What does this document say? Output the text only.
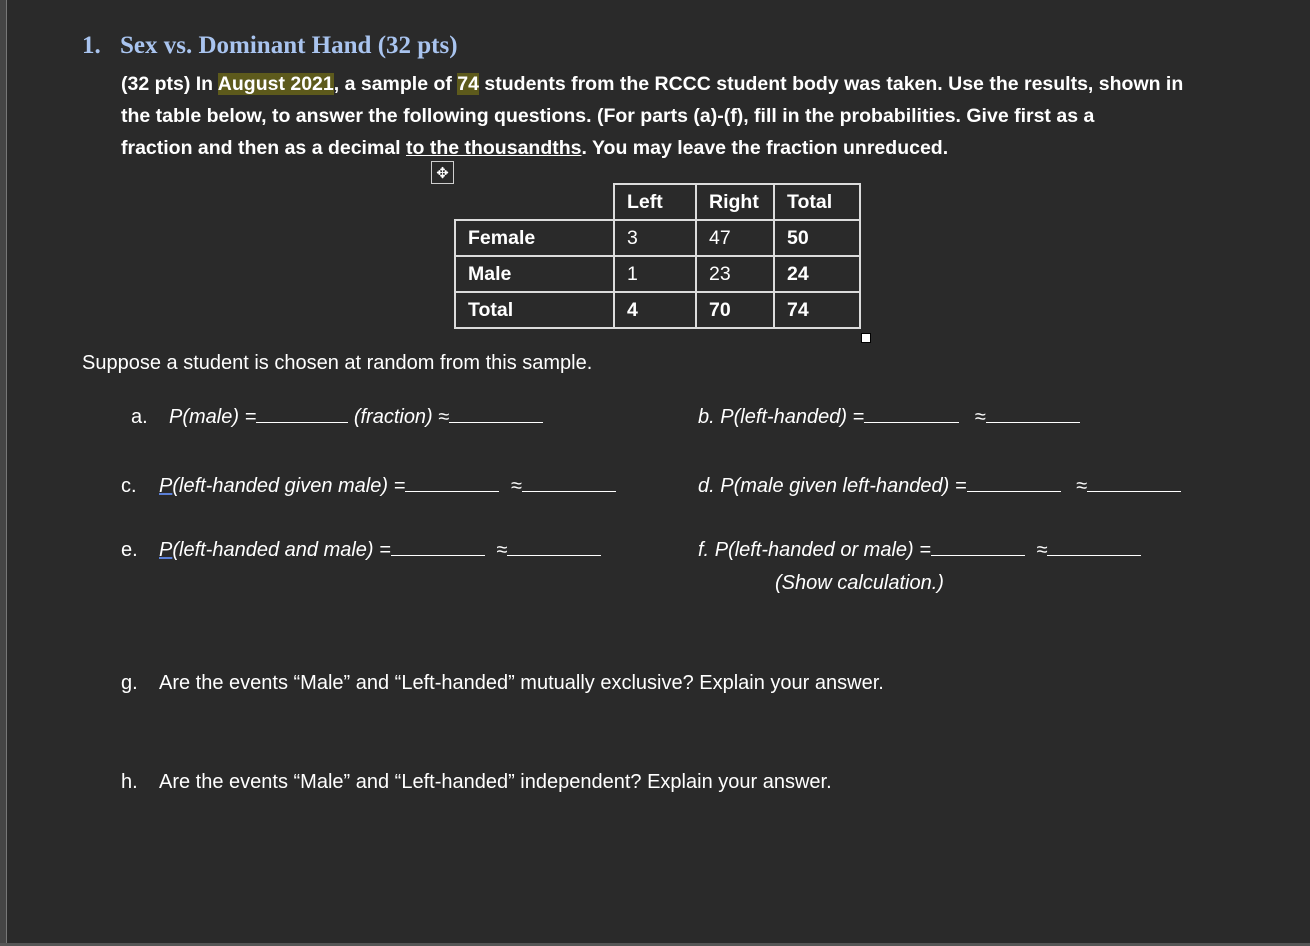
1. Sex vs. Dominant Hand (32 pts)
(32 pts) In August 2021, a sample of 74 students from the RCCC student body was taken. Use the results, shown in
the table below, to answer the following questions. (For parts (a)-(f), fill in the probabilities. Give first as a
fraction and then as a decimal to the thousandths. You may leave the fraction unreduced.
✥
	Left	Right	Total
Female	3	47	50
Male	1	23	24
Total	4	70	74
Suppose a student is chosen at random from this sample.
a. P(male) =	(fraction) ≈	b. P(left-handed) =	≈
c. P(left-handed given male) =	≈	d. P(male given left-handed) =	≈
e. P(left-handed and male) =	≈	f. P(left-handed or male) =	≈
(Show calculation.)
g. Are the events “Male” and “Left-handed” mutually exclusive? Explain your answer.
h. Are the events “Male” and “Left-handed” independent? Explain your answer.
